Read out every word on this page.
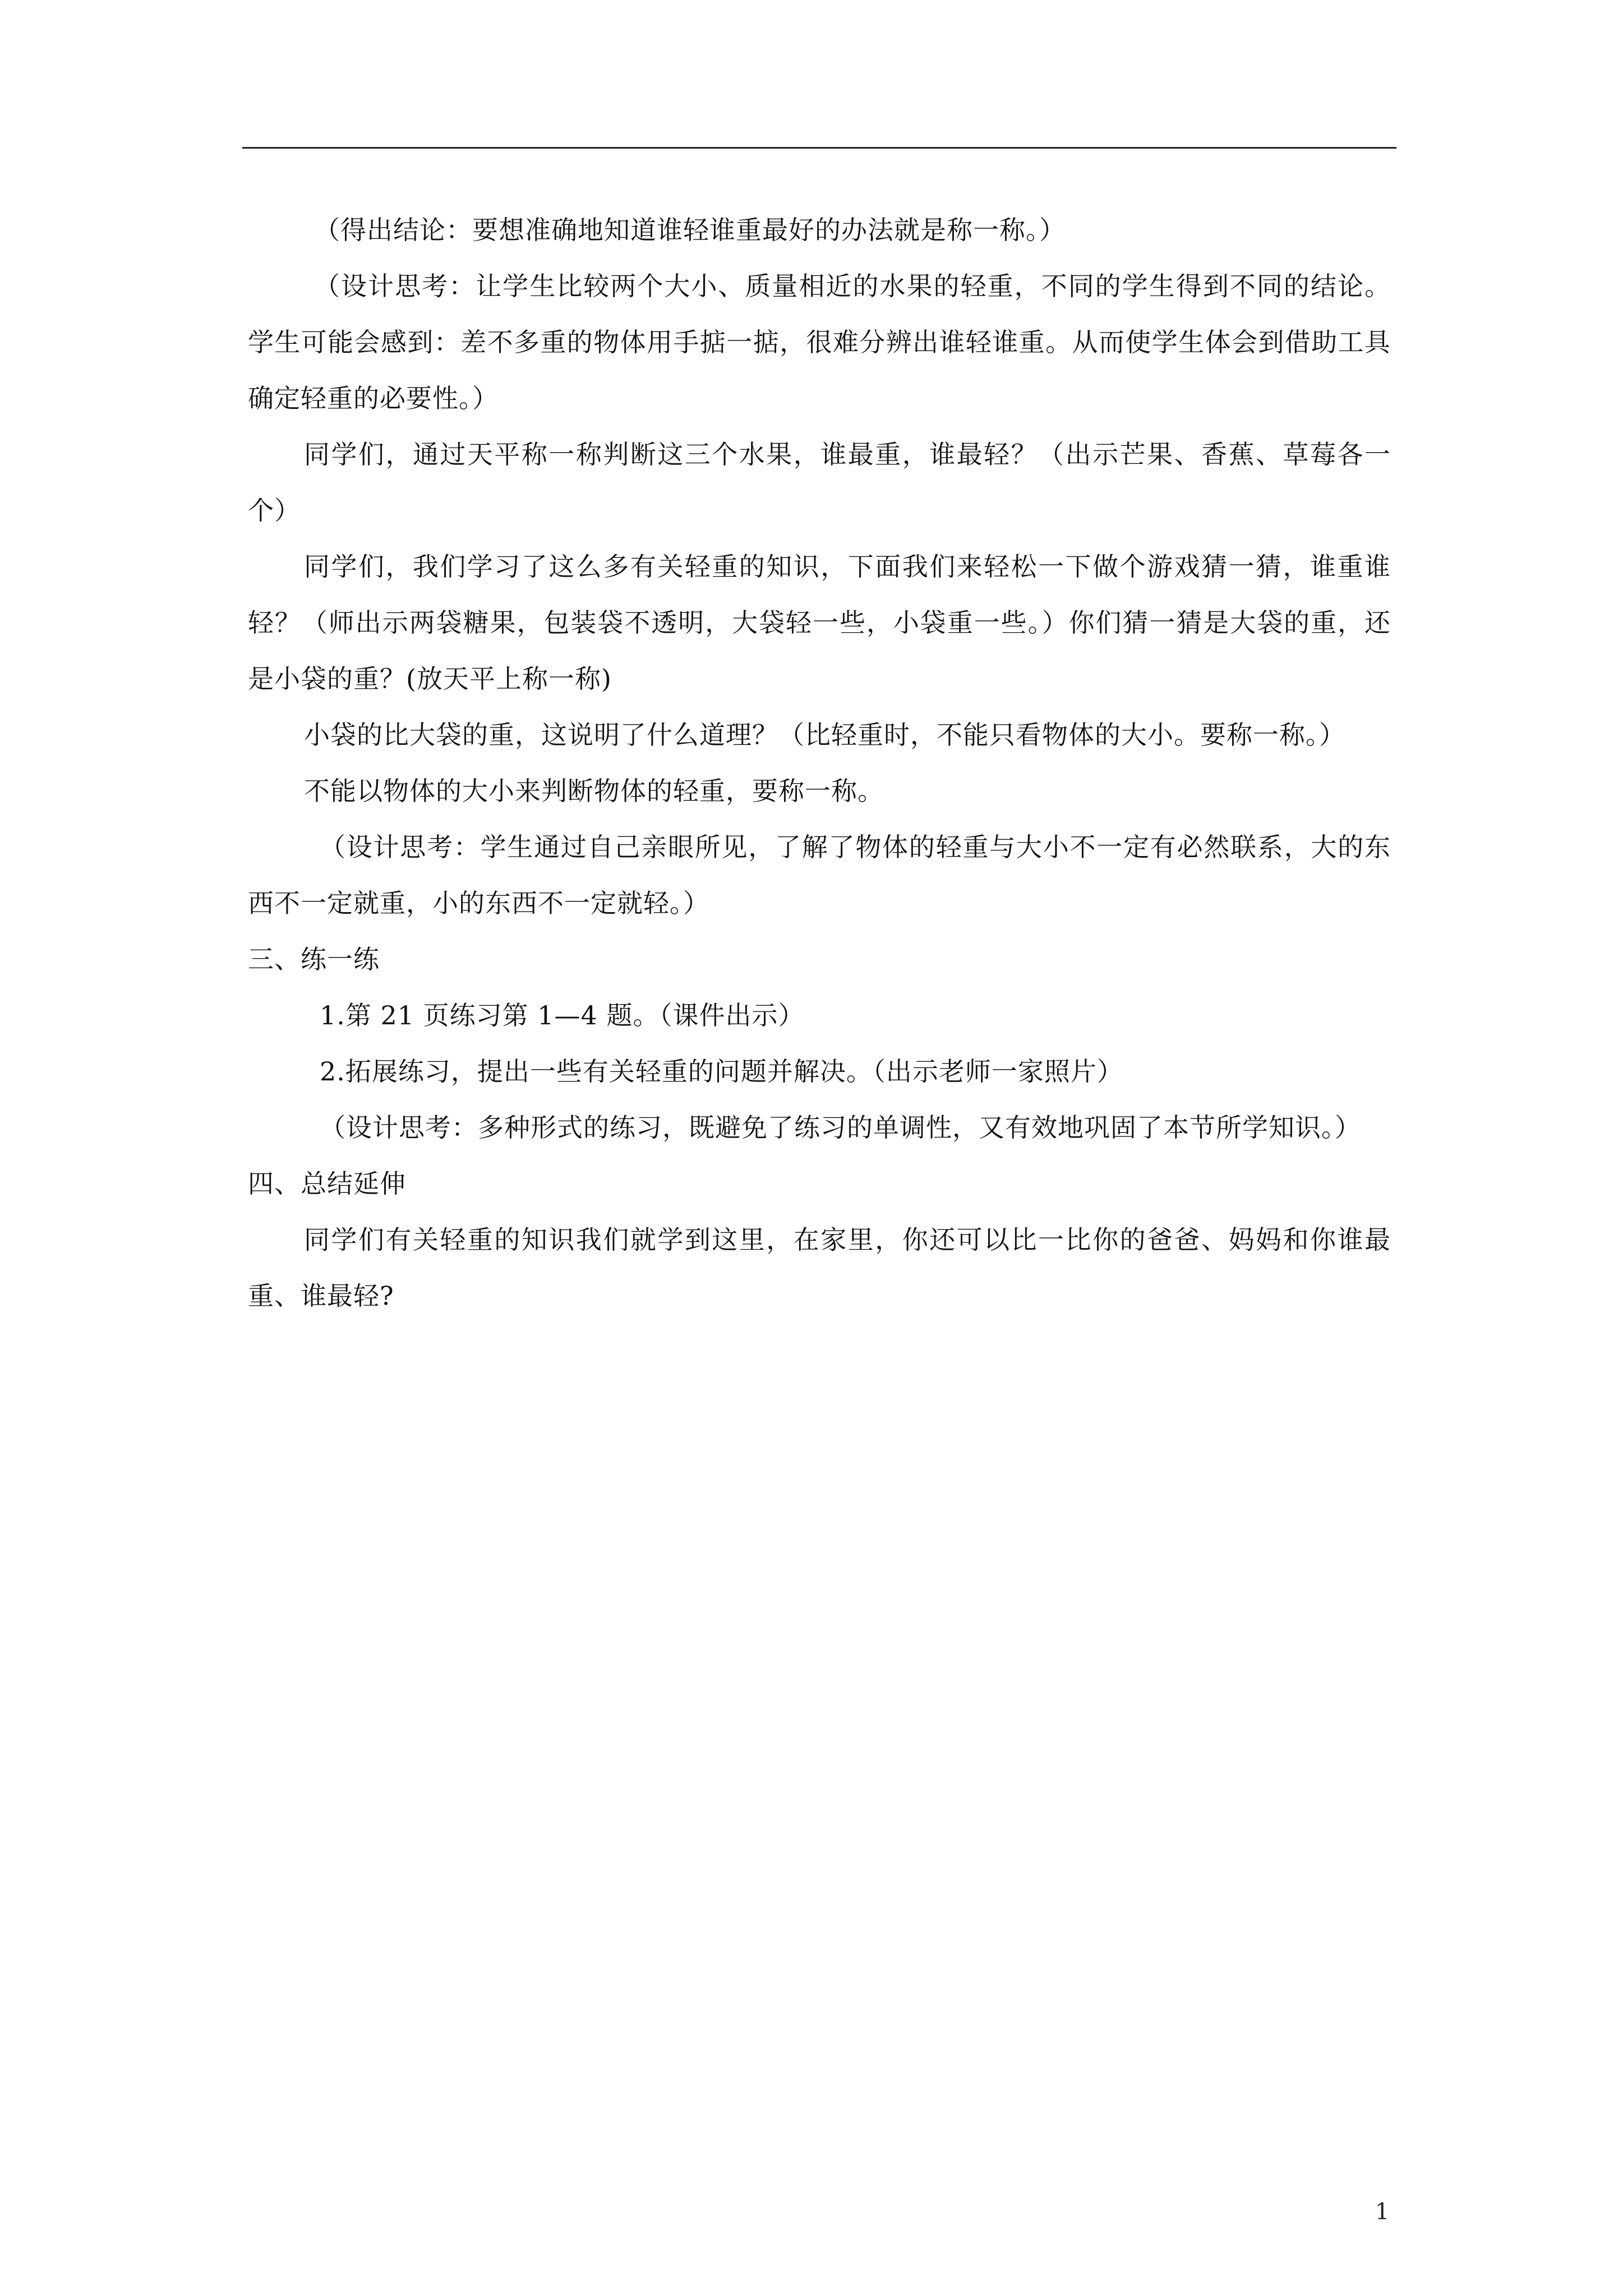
（得出结论：要想准确地知道谁轻谁重最好的办法就是称一称。）

（设计思考：让学生比较两个大小、质量相近的水果的轻重，不同的学生得到不同的结论。学生可能会感到：差不多重的物体用手掂一掂，很难分辨出谁轻谁重。从而使学生体会到借助工具确定轻重的必要性。）

同学们，通过天平称一称判断这三个水果，谁最重，谁最轻？（出示芒果、香蕉、草莓各一个）

同学们，我们学习了这么多有关轻重的知识，下面我们来轻松一下做个游戏猜一猜，谁重谁轻？（师出示两袋糖果，包装袋不透明，大袋轻一些，小袋重一些。）你们猜一猜是大袋的重，还是小袋的重？(放天平上称一称)

小袋的比大袋的重，这说明了什么道理？（比轻重时，不能只看物体的大小。要称一称。）

不能以物体的大小来判断物体的轻重，要称一称。

（设计思考：学生通过自己亲眼所见，了解了物体的轻重与大小不一定有必然联系，大的东西不一定就重，小的东西不一定就轻。）

三、练一练

1.第 21 页练习第 1—4 题。（课件出示）

2.拓展练习，提出一些有关轻重的问题并解决。（出示老师一家照片）

（设计思考：多种形式的练习，既避免了练习的单调性，又有效地巩固了本节所学知识。）

四、总结延伸

同学们有关轻重的知识我们就学到这里，在家里，你还可以比一比你的爸爸、妈妈和你谁最重、谁最轻?

1
